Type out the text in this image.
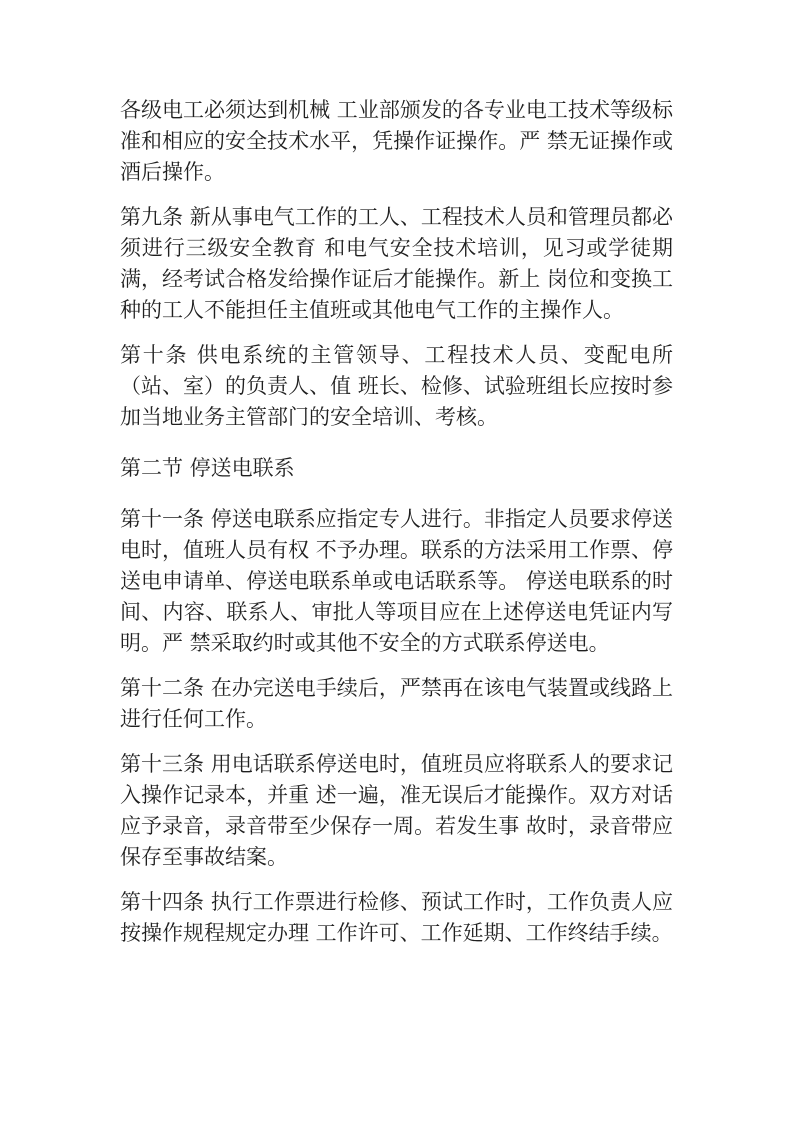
各级电工必须达到机械 工业部颁发的各专业电工技术等级标准和相应的安全技术水平，凭操作证操作。严 禁无证操作或酒后操作。

第九条 新从事电气工作的工人、工程技术人员和管理员都必须进行三级安全教育 和电气安全技术培训，见习或学徒期满，经考试合格发给操作证后才能操作。新上 岗位和变换工种的工人不能担任主值班或其他电气工作的主操作人。

第十条 供电系统的主管领导、工程技术人员、变配电所（站、室）的负责人、值 班长、检修、试验班组长应按时参加当地业务主管部门的安全培训、考核。

第二节 停送电联系

第十一条 停送电联系应指定专人进行。非指定人员要求停送电时，值班人员有权 不予办理。联系的方法采用工作票、停送电申请单、停送电联系单或电话联系等。 停送电联系的时间、内容、联系人、审批人等项目应在上述停送电凭证内写明。严 禁采取约时或其他不安全的方式联系停送电。

第十二条 在办完送电手续后，严禁再在该电气装置或线路上进行任何工作。

第十三条 用电话联系停送电时，值班员应将联系人的要求记入操作记录本，并重 述一遍，准无误后才能操作。双方对话应予录音，录音带至少保存一周。若发生事 故时，录音带应保存至事故结案。

第十四条 执行工作票进行检修、预试工作时，工作负责人应按操作规程规定办理 工作许可、工作延期、工作终结手续。
